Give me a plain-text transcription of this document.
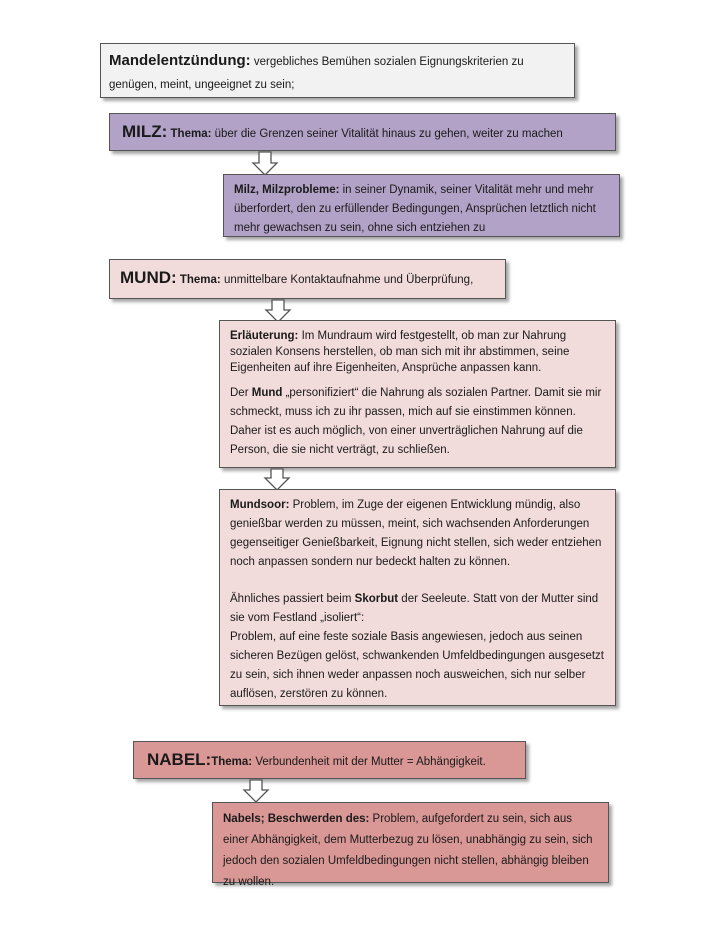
Mandelentzündung: vergebliches Bemühen sozialen Eignungskriterien zu genügen, meint, ungeeignet zu sein;
MILZ: Thema: über die Grenzen seiner Vitalität hinaus zu gehen, weiter zu machen
Milz, Milzprobleme: in seiner Dynamik, seiner Vitalität mehr und mehr überfordert, den zu erfüllender Bedingungen, Ansprüchen letztlich nicht mehr gewachsen zu sein, ohne sich entziehen zu
MUND: Thema: unmittelbare Kontaktaufnahme und Überprüfung,

Erläuterung: Im Mundraum wird festgestellt, ob man zur Nahrung sozialen Konsens herstellen, ob man sich mit ihr abstimmen, seine Eigenheiten auf ihre Eigenheiten, Ansprüche anpassen kann.

Der Mund „personifiziert“ die Nahrung als sozialen Partner. Damit sie mir schmeckt, muss ich zu ihr passen, mich auf sie einstimmen können. Daher ist es auch möglich, von einer unverträglichen Nahrung auf die Person, die sie nicht verträgt, zu schließen.

Mundsoor: Problem, im Zuge der eigenen Entwicklung mündig, also genießbar werden zu müssen, meint, sich wachsenden Anforderungen gegenseitiger Genießbarkeit, Eignung nicht stellen, sich weder entziehen noch anpassen sondern nur bedeckt halten zu können.

Ähnliches passiert beim Skorbut der Seeleute. Statt von der Mutter sind sie vom Festland „isoliert“:

Problem, auf eine feste soziale Basis angewiesen, jedoch aus seinen sicheren Bezügen gelöst, schwankenden Umfeldbedingungen ausgesetzt zu sein, sich ihnen weder anpassen noch ausweichen, sich nur selber auflösen, zerstören zu können.

NABEL:Thema: Verbundenheit mit der Mutter = Abhängigkeit.
Nabels; Beschwerden des: Problem, aufgefordert zu sein, sich aus einer Abhängigkeit, dem Mutterbezug zu lösen, unabhängig zu sein, sich jedoch den sozialen Umfeldbedingungen nicht stellen, abhängig bleiben zu wollen.
